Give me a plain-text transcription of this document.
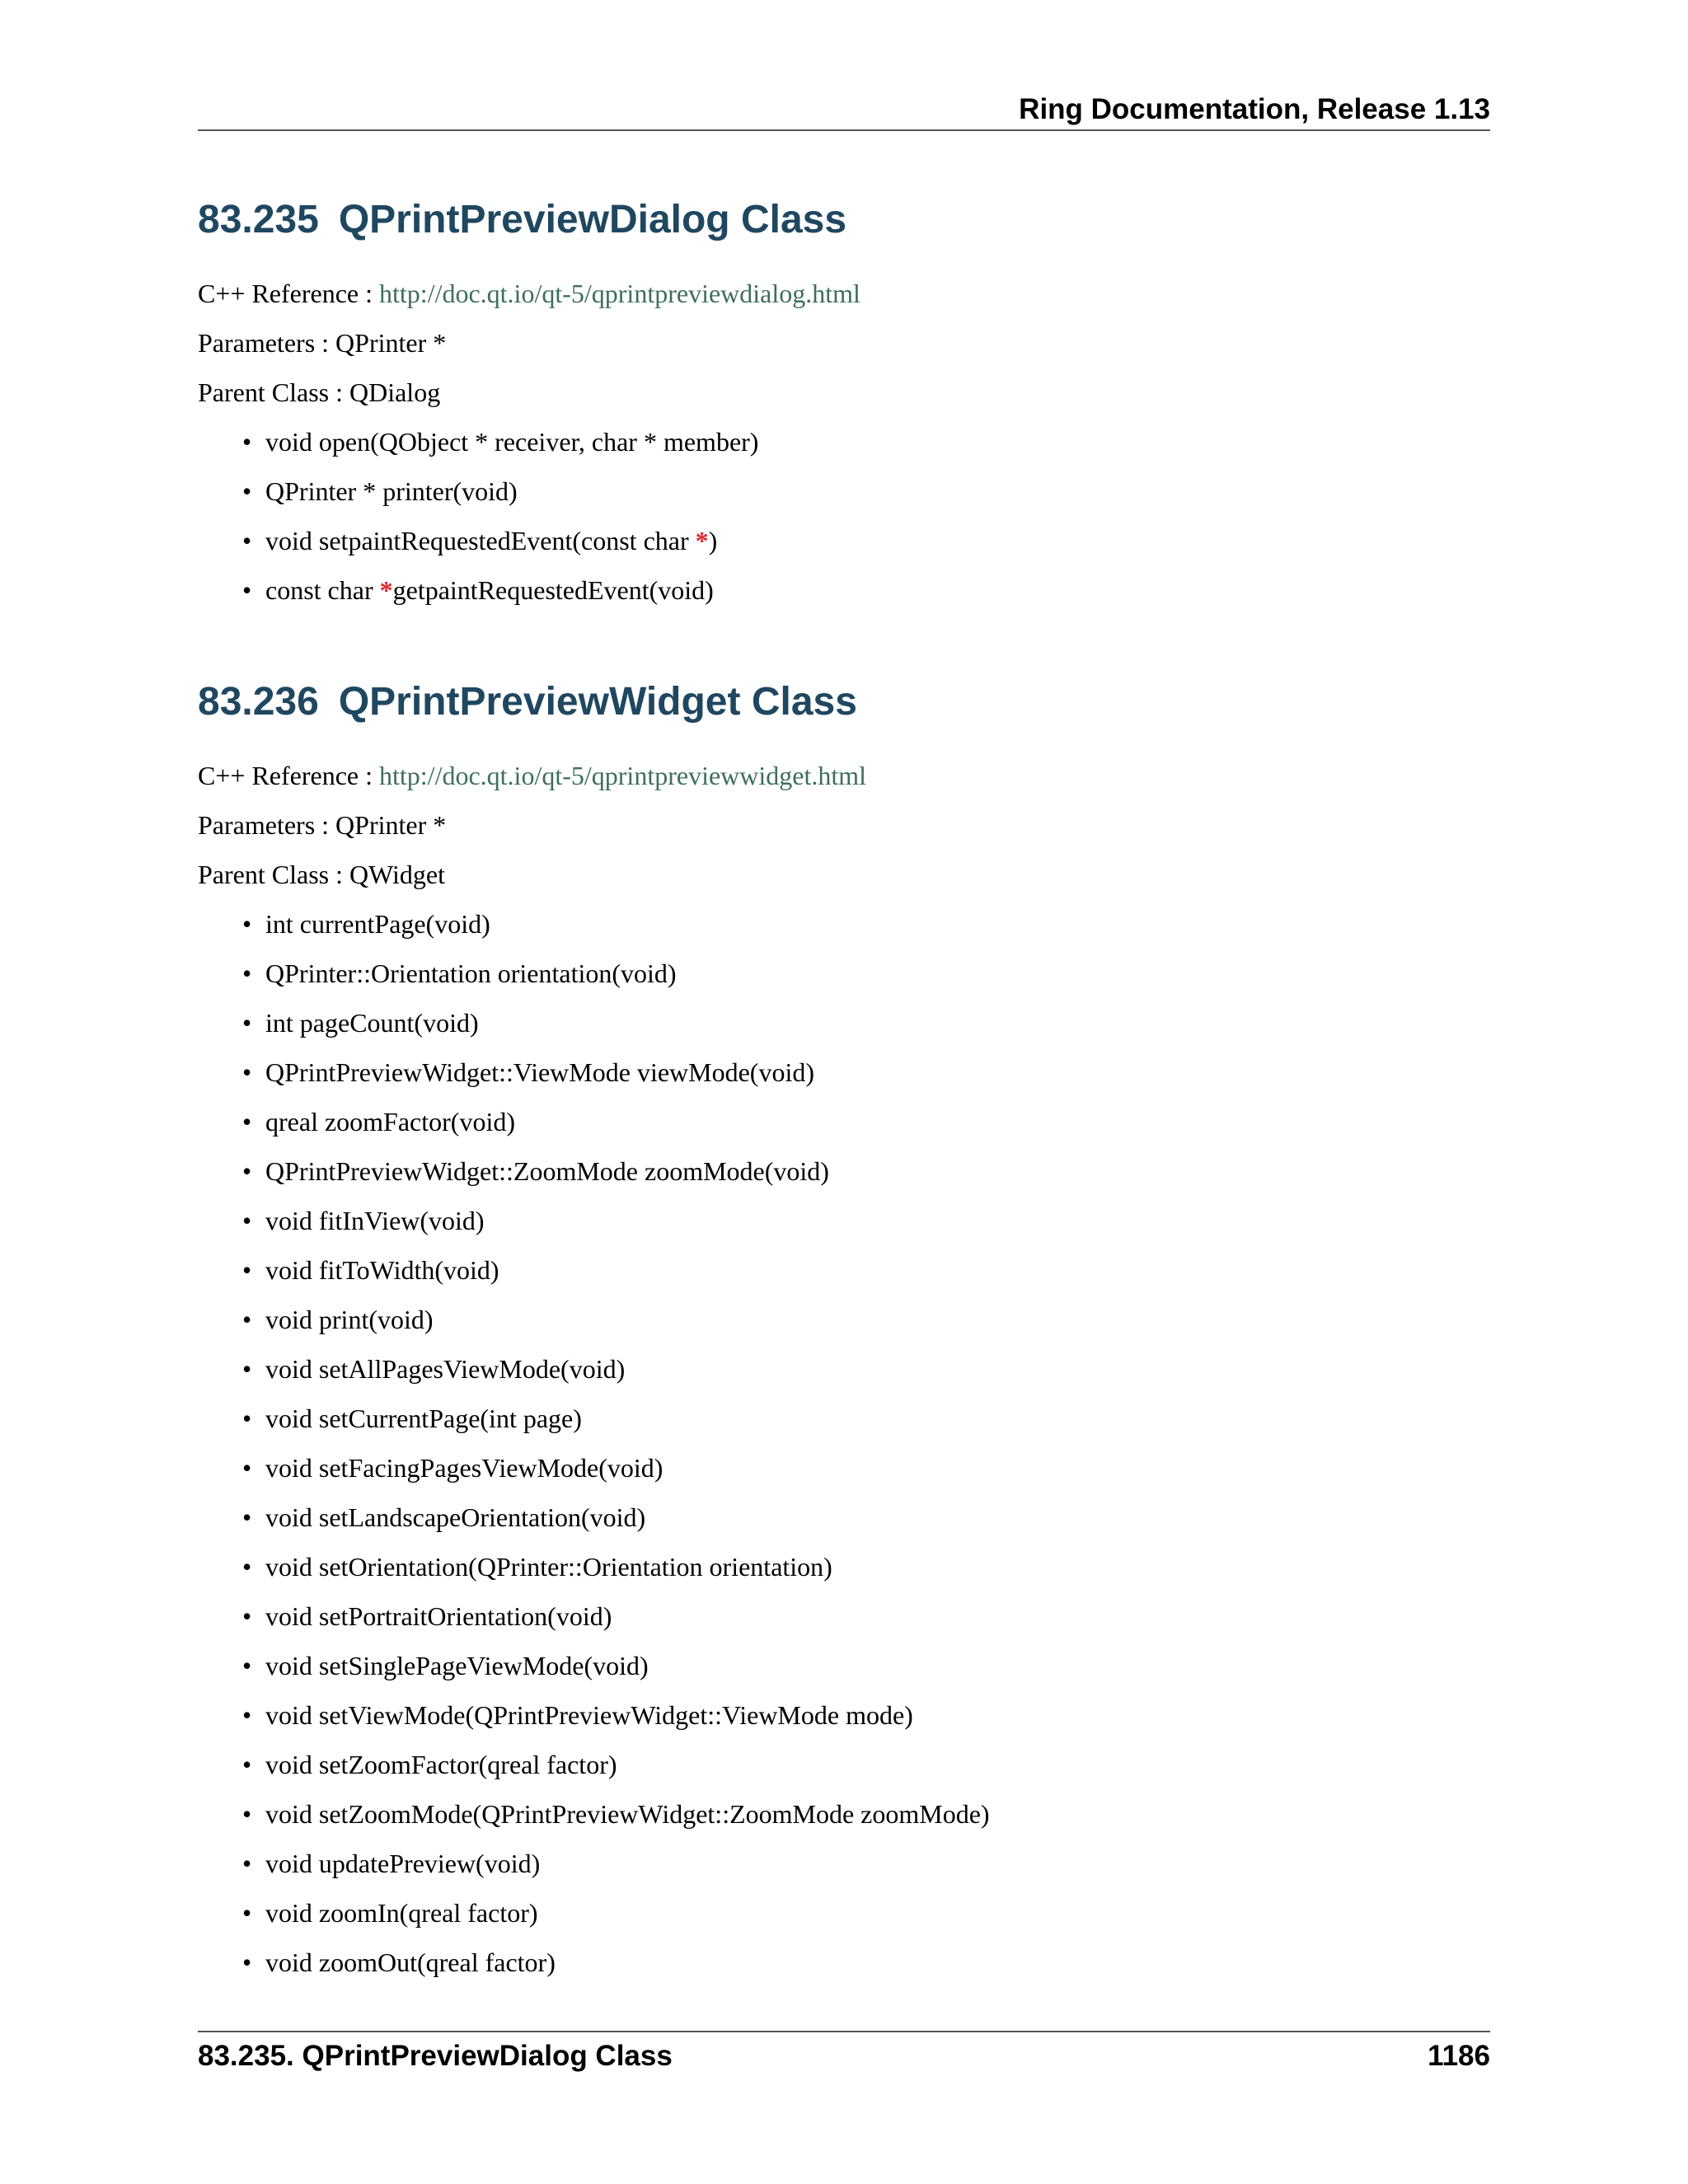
Ring Documentation, Release 1.13
83.235 QPrintPreviewDialog Class

C++ Reference : http://doc.qt.io/qt-5/qprintpreviewdialog.html

Parameters : QPrinter *

Parent Class : QDialog

• void open(QObject * receiver, char * member)
• QPrinter * printer(void)
• void setpaintRequestedEvent(const char *)
• const char *getpaintRequestedEvent(void)
83.236 QPrintPreviewWidget Class

C++ Reference : http://doc.qt.io/qt-5/qprintpreviewwidget.html

Parameters : QPrinter *

Parent Class : QWidget

• int currentPage(void)
• QPrinter::Orientation orientation(void)
• int pageCount(void)
• QPrintPreviewWidget::ViewMode viewMode(void)
• qreal zoomFactor(void)
• QPrintPreviewWidget::ZoomMode zoomMode(void)
• void fitInView(void)
• void fitToWidth(void)
• void print(void)
• void setAllPagesViewMode(void)
• void setCurrentPage(int page)
• void setFacingPagesViewMode(void)
• void setLandscapeOrientation(void)
• void setOrientation(QPrinter::Orientation orientation)
• void setPortraitOrientation(void)
• void setSinglePageViewMode(void)
• void setViewMode(QPrintPreviewWidget::ViewMode mode)
• void setZoomFactor(qreal factor)
• void setZoomMode(QPrintPreviewWidget::ZoomMode zoomMode)
• void updatePreview(void)
• void zoomIn(qreal factor)
• void zoomOut(qreal factor)
83.235. QPrintPreviewDialog Class	1186
